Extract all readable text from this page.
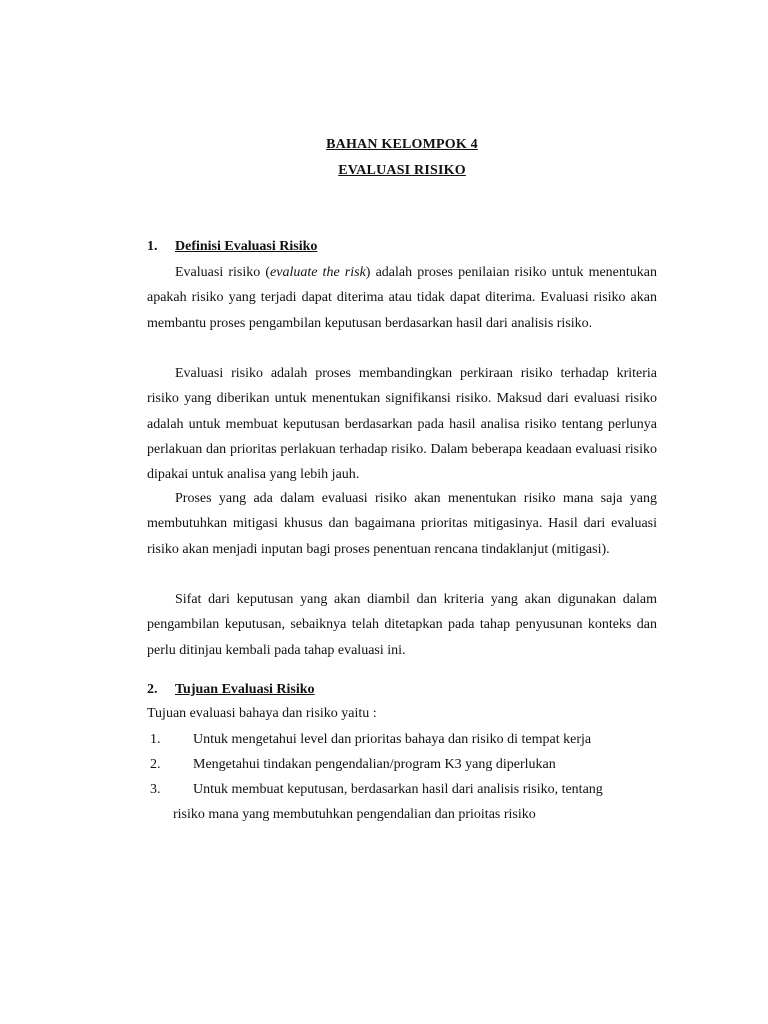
BAHAN KELOMPOK 4
EVALUASI RISIKO
1. Definisi Evaluasi Risiko
Evaluasi risiko (evaluate the risk) adalah proses penilaian risiko untuk menentukan apakah risiko yang terjadi dapat diterima atau tidak dapat diterima. Evaluasi risiko akan membantu proses pengambilan keputusan berdasarkan hasil dari analisis risiko.
Evaluasi risiko adalah proses membandingkan perkiraan risiko terhadap kriteria risiko yang diberikan untuk menentukan signifikansi risiko. Maksud dari evaluasi risiko adalah untuk membuat keputusan berdasarkan pada hasil analisa risiko tentang perlunya perlakuan dan prioritas perlakuan terhadap risiko. Dalam beberapa keadaan evaluasi risiko dipakai untuk analisa yang lebih jauh.
Proses yang ada dalam evaluasi risiko akan menentukan risiko mana saja yang membutuhkan mitigasi khusus dan bagaimana prioritas mitigasinya. Hasil dari evaluasi risiko akan menjadi inputan bagi proses penentuan rencana tindaklanjut (mitigasi).
Sifat dari keputusan yang akan diambil dan kriteria yang akan digunakan dalam pengambilan keputusan, sebaiknya telah ditetapkan pada tahap penyusunan konteks dan perlu ditinjau kembali pada tahap evaluasi ini.
2. Tujuan Evaluasi Risiko
Tujuan evaluasi bahaya dan risiko yaitu :
1. Untuk mengetahui level dan prioritas bahaya dan risiko di tempat kerja
2. Mengetahui tindakan pengendalian/program K3 yang diperlukan
3. Untuk membuat keputusan, berdasarkan hasil dari analisis risiko, tentang
risiko mana yang membutuhkan pengendalian dan prioitas risiko
